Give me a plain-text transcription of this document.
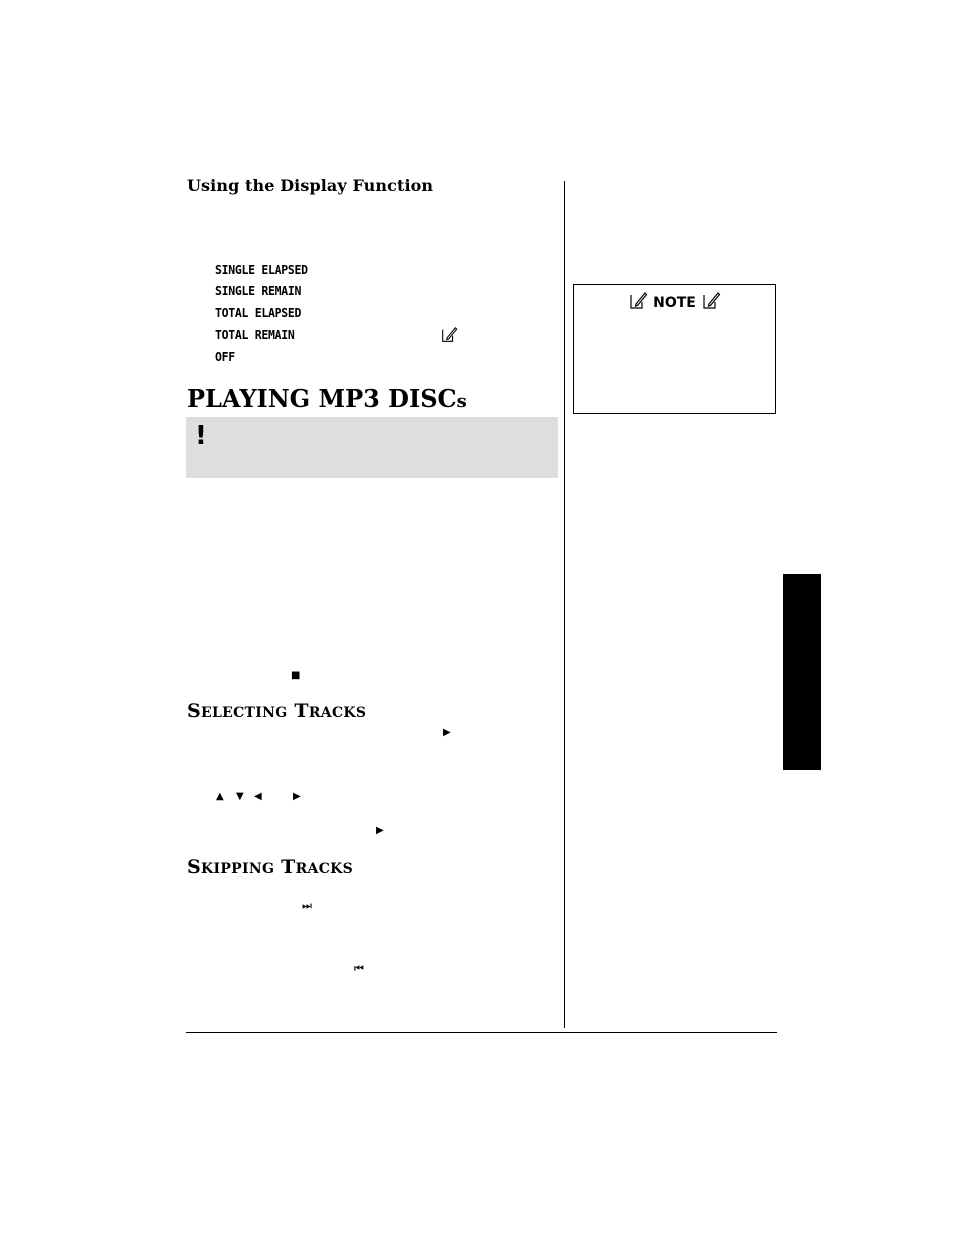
Using the Display Function
SINGLE ELAPSED
SINGLE REMAIN
TOTAL ELAPSED
TOTAL REMAIN
OFF
PLAYING MP3 DISCs
!
■
SELECTING TRACKS
▶
▲ ▼ ◀	▶
▶
SKIPPING TRACKS
⏭
⏮
NOTE
